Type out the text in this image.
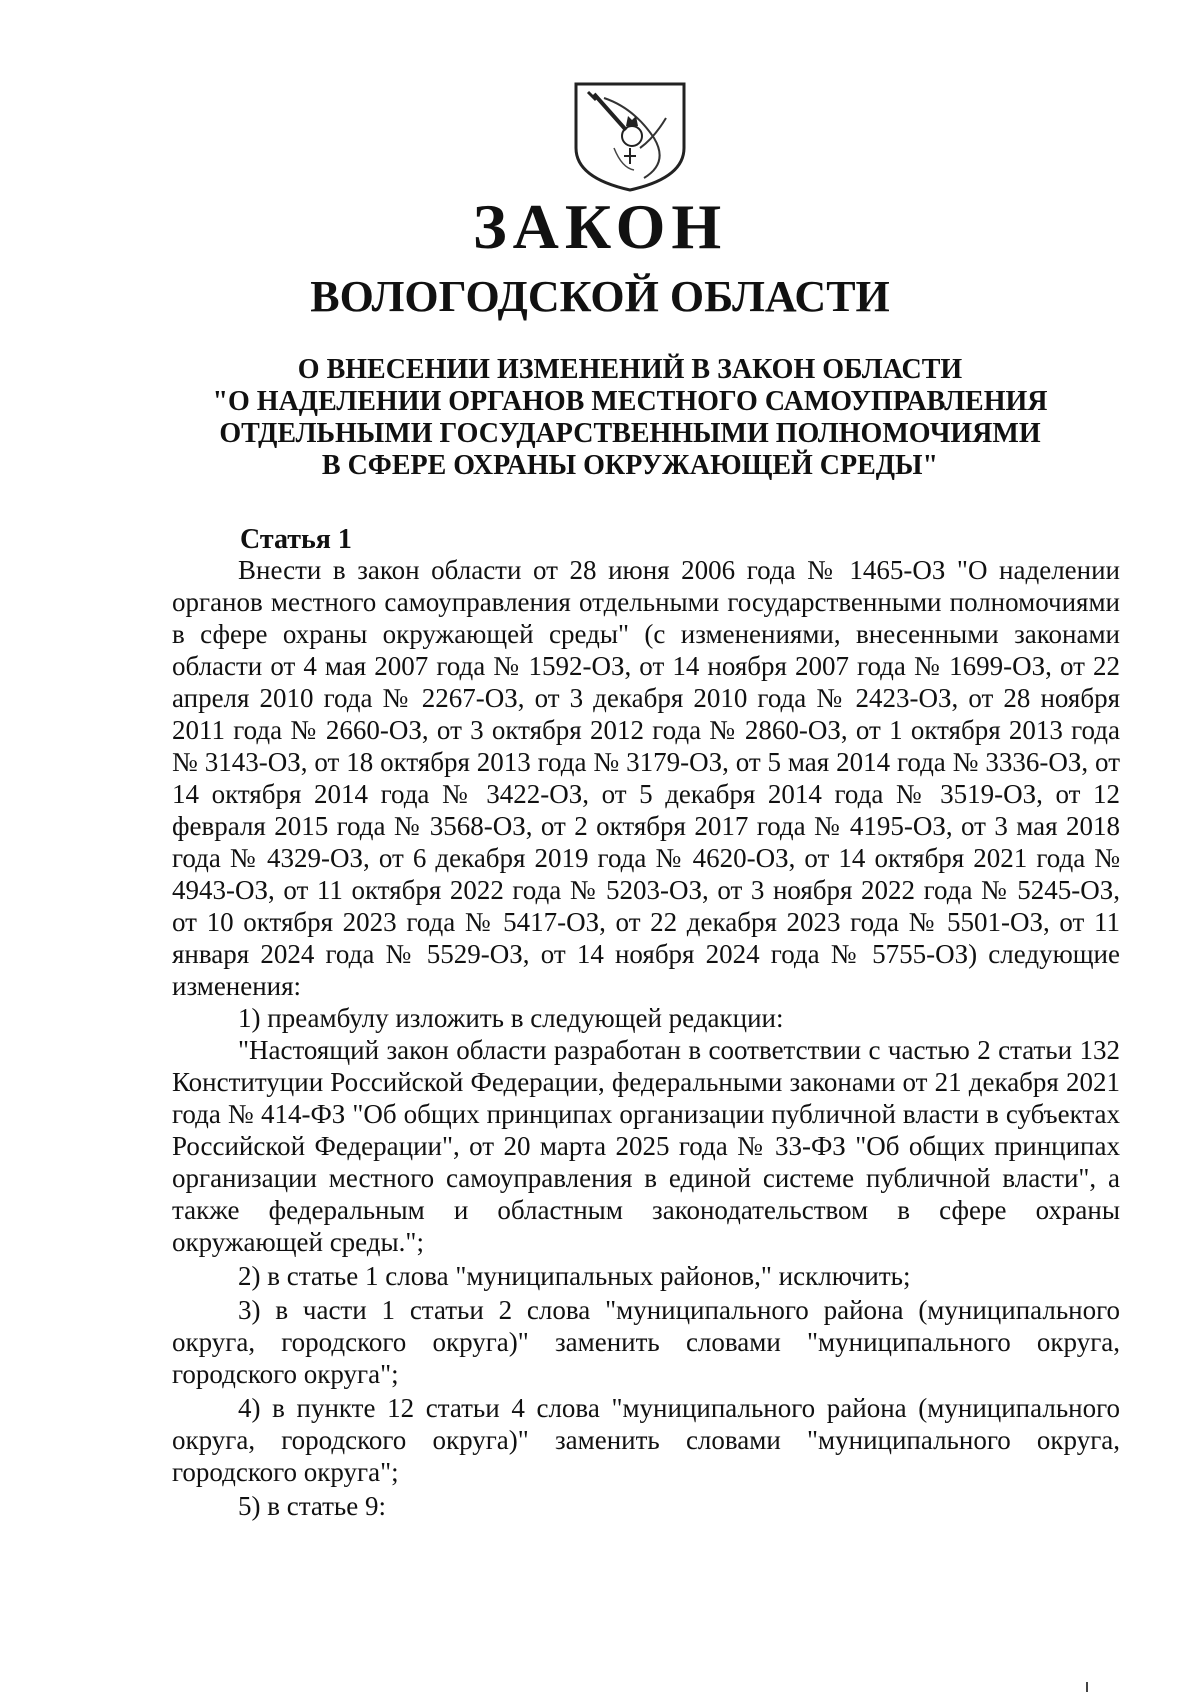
ЗАКОН
ВОЛОГОДСКОЙ ОБЛАСТИ
О ВНЕСЕНИИ ИЗМЕНЕНИЙ В ЗАКОН ОБЛАСТИ
"О НАДЕЛЕНИИ ОРГАНОВ МЕСТНОГО САМОУПРАВЛЕНИЯ
ОТДЕЛЬНЫМИ ГОСУДАРСТВЕННЫМИ ПОЛНОМОЧИЯМИ
В СФЕРЕ ОХРАНЫ ОКРУЖАЮЩЕЙ СРЕДЫ"
Статья 1

Внести в закон области от 28 июня 2006 года № 1465-ОЗ "О наделении органов местного самоуправления отдельными государственными полномочиями в сфере охраны окружающей среды" (с изменениями, внесенными законами области от 4 мая 2007 года № 1592-ОЗ, от 14 ноября 2007 года № 1699-ОЗ, от 22 апреля 2010 года № 2267-ОЗ, от 3 декабря 2010 года № 2423-ОЗ, от 28 ноября 2011 года № 2660-ОЗ, от 3 октября 2012 года № 2860-ОЗ, от 1 октября 2013 года № 3143-ОЗ, от 18 октября 2013 года № 3179-ОЗ, от 5 мая 2014 года № 3336-ОЗ, от 14 октября 2014 года № 3422-ОЗ, от 5 декабря 2014 года № 3519-ОЗ, от 12 февраля 2015 года № 3568-ОЗ, от 2 октября 2017 года № 4195-ОЗ, от 3 мая 2018 года № 4329-ОЗ, от 6 декабря 2019 года № 4620-ОЗ, от 14 октября 2021 года № 4943-ОЗ, от 11 октября 2022 года № 5203-ОЗ, от 3 ноября 2022 года № 5245-ОЗ, от 10 октября 2023 года № 5417-ОЗ, от 22 декабря 2023 года № 5501-ОЗ, от 11 января 2024 года № 5529-ОЗ, от 14 ноября 2024 года № 5755-ОЗ) следующие изменения:

1) преамбулу изложить в следующей редакции:

"Настоящий закон области разработан в соответствии с частью 2 статьи 132 Конституции Российской Федерации, федеральными законами от 21 декабря 2021 года № 414-ФЗ "Об общих принципах организации публичной власти в субъектах Российской Федерации", от 20 марта 2025 года № 33-ФЗ "Об общих принципах организации местного самоуправления в единой системе публичной власти", а также федеральным и областным законодательством в сфере охраны окружающей среды.";

2) в статье 1 слова "муниципальных районов," исключить;

3) в части 1 статьи 2 слова "муниципального района (муниципального округа, городского округа)" заменить словами "муниципального округа, городского округа";

4) в пункте 12 статьи 4 слова "муниципального района (муниципального округа, городского округа)" заменить словами "муниципального округа, городского округа";

5) в статье 9:
